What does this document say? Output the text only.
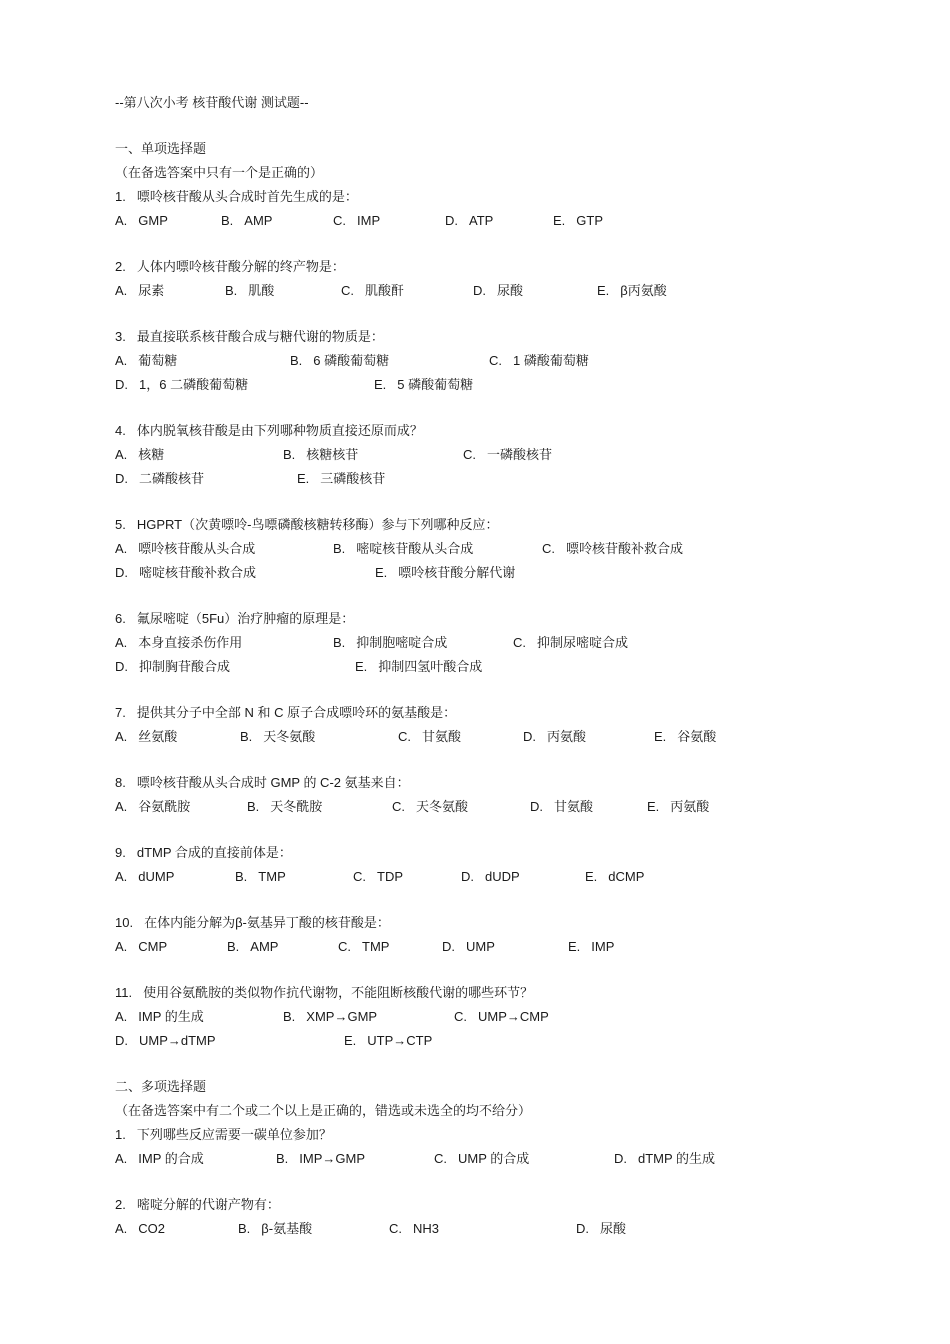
--第八次小考 核苷酸代谢 测试题--
一、单项选择题
（在备选答案中只有一个是正确的）
1. 嘌呤核苷酸从头合成时首先生成的是：
A. GMP	B. AMP	C. IMP	D. ATP	E. GTP
2. 人体内嘌呤核苷酸分解的终产物是：
A. 尿素	B. 肌酸	C. 肌酸酐	D. 尿酸	E. β丙氨酸
3. 最直接联系核苷酸合成与糖代谢的物质是：
A. 葡萄糖	B. 6 磷酸葡萄糖	C. 1 磷酸葡萄糖
D. 1，6 二磷酸葡萄糖	E. 5 磷酸葡萄糖
4. 体内脱氧核苷酸是由下列哪种物质直接还原而成？
A. 核糖	B. 核糖核苷	C. 一磷酸核苷
D. 二磷酸核苷	E. 三磷酸核苷
5. HGPRT（次黄嘌呤-鸟嘌磷酸核糖转移酶）参与下列哪种反应：
A. 嘌呤核苷酸从头合成	B. 嘧啶核苷酸从头合成	C. 嘌呤核苷酸补救合成
D. 嘧啶核苷酸补救合成	E. 嘌呤核苷酸分解代谢
6. 氟尿嘧啶（5Fu）治疗肿瘤的原理是：
A. 本身直接杀伤作用	B. 抑制胞嘧啶合成	C. 抑制尿嘧啶合成
D. 抑制胸苷酸合成	E. 抑制四氢叶酸合成
7. 提供其分子中全部 N 和 C 原子合成嘌呤环的氨基酸是：
A. 丝氨酸	B. 天冬氨酸	C. 甘氨酸	D. 丙氨酸	E. 谷氨酸
8. 嘌呤核苷酸从头合成时 GMP 的 C-2 氨基来自：
A. 谷氨酰胺	B. 天冬酰胺	C. 天冬氨酸	D. 甘氨酸	E. 丙氨酸
9. dTMP 合成的直接前体是：
A. dUMP	B. TMP	C. TDP	D. dUDP	E. dCMP
10. 在体内能分解为β-氨基异丁酸的核苷酸是：
A. CMP	B. AMP	C. TMP	D. UMP	E. IMP
11. 使用谷氨酰胺的类似物作抗代谢物，不能阻断核酸代谢的哪些环节？
A. IMP 的生成	B. XMP→GMP	C. UMP→CMP
D. UMP→dTMP	E. UTP→CTP
二、多项选择题
（在备选答案中有二个或二个以上是正确的，错选或未选全的均不给分）
1. 下列哪些反应需要一碳单位参加？
A. IMP 的合成	B. IMP→GMP	C. UMP 的合成	D. dTMP 的生成
2. 嘧啶分解的代谢产物有：
A. CO2	B. β-氨基酸	C. NH3	D. 尿酸
